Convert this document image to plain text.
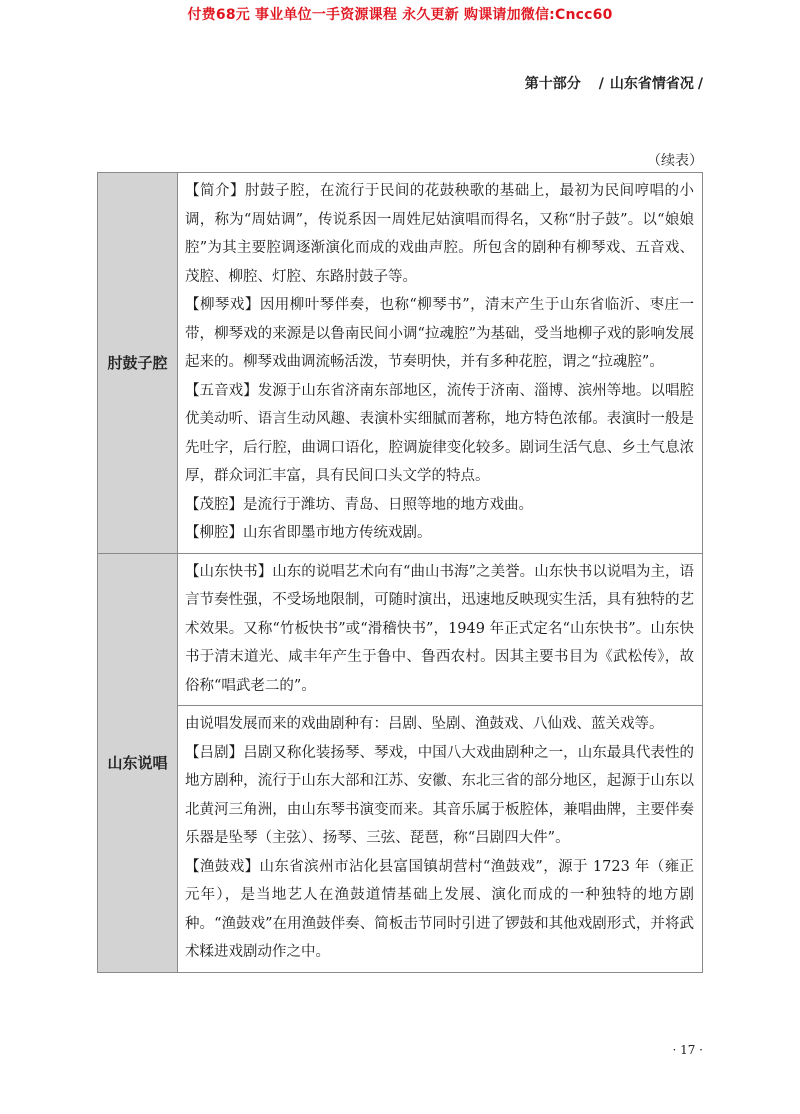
付费68元 事业单位一手资源课程 永久更新 购课请加微信:Cncc60
第十部分 / 山东省情省况 /
（续表）
肘鼓子腔	【简介】肘鼓子腔，在流行于民间的花鼓秧歌的基础上，最初为民间哼唱的小调，称为“周姑调”，传说系因一周姓尼姑演唱而得名，又称“肘子鼓”。以“娘娘腔”为其主要腔调逐渐演化而成的戏曲声腔。所包含的剧种有柳琴戏、五音戏、茂腔、柳腔、灯腔、东路肘鼓子等。

【柳琴戏】因用柳叶琴伴奏，也称“柳琴书”，清末产生于山东省临沂、枣庄一带，柳琴戏的来源是以鲁南民间小调“拉魂腔”为基础，受当地柳子戏的影响发展起来的。柳琴戏曲调流畅活泼，节奏明快，并有多种花腔，谓之“拉魂腔”。

【五音戏】发源于山东省济南东部地区，流传于济南、淄博、滨州等地。以唱腔优美动听、语言生动风趣、表演朴实细腻而著称，地方特色浓郁。表演时一般是先吐字，后行腔，曲调口语化，腔调旋律变化较多。剧词生活气息、乡土气息浓厚，群众词汇丰富，具有民间口头文学的特点。

【茂腔】是流行于潍坊、青岛、日照等地的地方戏曲。

【柳腔】山东省即墨市地方传统戏剧。

山东说唱	【山东快书】山东的说唱艺术向有“曲山书海”之美誉。山东快书以说唱为主，语言节奏性强，不受场地限制，可随时演出，迅速地反映现实生活，具有独特的艺术效果。又称“竹板快书”或“滑稽快书”，1949 年正式定名“山东快书”。山东快书于清末道光、咸丰年产生于鲁中、鲁西农村。因其主要书目为《武松传》，故俗称“唱武老二的”。

	由说唱发展而来的戏曲剧种有：吕剧、坠剧、渔鼓戏、八仙戏、蓝关戏等。

【吕剧】吕剧又称化装扬琴、琴戏，中国八大戏曲剧种之一，山东最具代表性的地方剧种，流行于山东大部和江苏、安徽、东北三省的部分地区，起源于山东以北黄河三角洲，由山东琴书演变而来。其音乐属于板腔体，兼唱曲牌，主要伴奏乐器是坠琴（主弦）、扬琴、三弦、琵琶，称“吕剧四大件”。

【渔鼓戏】山东省滨州市沾化县富国镇胡营村“渔鼓戏”，源于 1723 年（雍正元年），是当地艺人在渔鼓道情基础上发展、演化而成的一种独特的地方剧种。“渔鼓戏”在用渔鼓伴奏、简板击节同时引进了锣鼓和其他戏剧形式，并将武术糅进戏剧动作之中。

· 17 ·
